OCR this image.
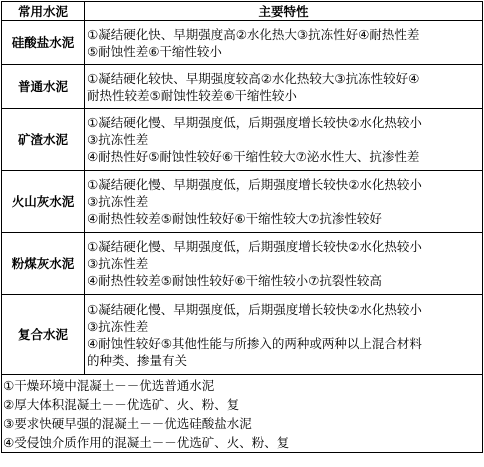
常用水泥	主要特性
硅酸盐水泥	①凝结硬化快、早期强度高②水化热大③抗冻性好④耐热性差
⑤耐蚀性差⑥干缩性较小

普通水泥	①凝结硬化较快、早期强度较高②水化热较大③抗冻性较好④
耐热性较差⑤耐蚀性较差⑥干缩性较小

矿渣水泥	①凝结硬化慢、早期强度低，后期强度增长较快②水化热较小
③抗冻性差
④耐热性好⑤耐蚀性较好⑥干缩性较大⑦泌水性大、抗渗性差

火山灰水泥	①凝结硬化慢、早期强度低，后期强度增长较快②水化热较小
③抗冻性差
④耐热性较差⑤耐蚀性较好⑥干缩性较大⑦抗渗性较好

粉煤灰水泥	①凝结硬化慢、早期强度低，后期强度增长较快②水化热较小
③抗冻性差
④耐热性较差⑤耐蚀性较好⑥干缩性较小⑦抗裂性较高

复合水泥	①凝结硬化慢、早期强度低，后期强度增长较快②水化热较小
③抗冻性差
④耐蚀性较好⑤其他性能与所掺入的两种或两种以上混合材料
的种类、掺量有关
①干燥环境中混凝土－－优选普通水泥
②厚大体积混凝土－－优选矿、火、粉、复
③要求快硬早强的混凝土－－优选硅酸盐水泥
④受侵蚀介质作用的混凝土－－优选矿、火、粉、复
